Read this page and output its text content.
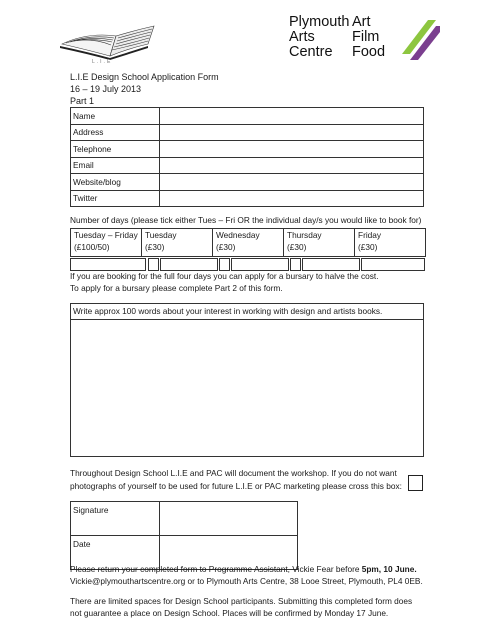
L.I.E
Plymouth
Arts
Centre
Art
Film
Food
L.I.E Design School Application Form
16 – 19 July 2013
Part 1
Name	
Address	
Telephone	
Email	
Website/blog	
Twitter	
Number of days (please tick either Tues – Fri OR the individual day/s you would like to book for)
Tuesday – Friday
(£100/50)
Tuesday
(£30)
Wednesday
(£30)
Thursday
(£30)
Friday
(£30)
If you are booking for the full four days you can apply for a bursary to halve the cost.
To apply for a bursary please complete Part 2 of this form.
Write approx 100 words about your interest in working with design and artists books.
Throughout Design School L.I.E and PAC will document the workshop. If you do not want
photographs of yourself to be used for future L.I.E or PAC marketing please cross this box:
Signature	
Date	
Please return your completed form to Programme Assistant, Vickie Fear before 5pm, 10 June.
Vickie@plymouthartscentre.org or to Plymouth Arts Centre, 38 Looe Street, Plymouth, PL4 0EB.
There are limited spaces for Design School participants. Submitting this completed form does
not guarantee a place on Design School. Places will be confirmed by Monday 17 June.
